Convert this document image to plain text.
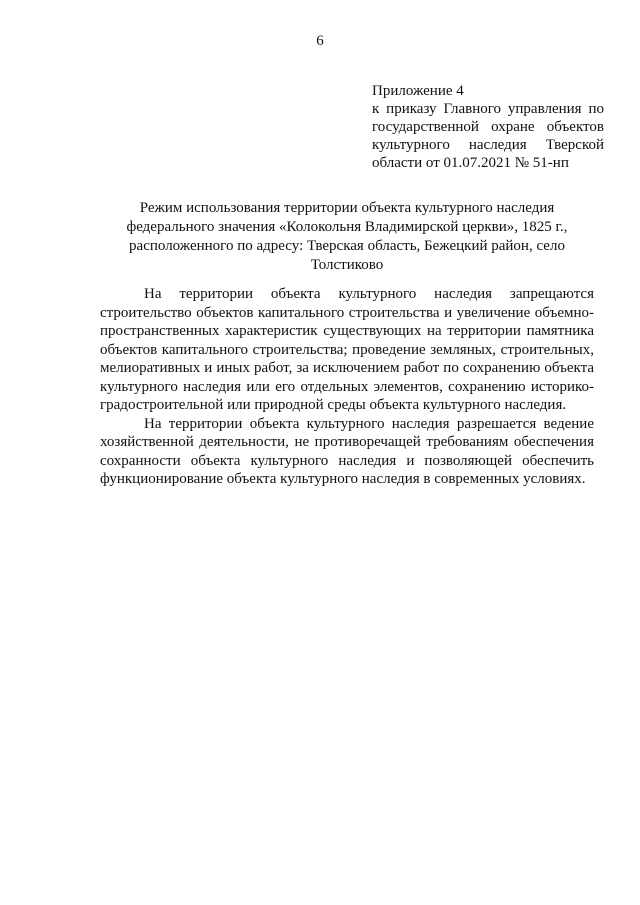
6
Приложение 4
к приказу Главного управления по
государственной охране объектов
культурного наследия Тверской
области от 01.07.2021 № 51-нп
Режим использования территории объекта культурного наследия
федерального значения «Колокольня Владимирской церкви», 1825 г.,
расположенного по адресу: Тверская область, Бежецкий район, село
Толстиково
На территории объекта культурного наследия запрещаются
строительство объектов капитального строительства и увеличение объемно-
пространственных характеристик существующих на территории памятника
объектов капитального строительства; проведение земляных, строительных,
мелиоративных и иных работ, за исключением работ по сохранению объекта
культурного наследия или его отдельных элементов, сохранению историко-
градостроительной или природной среды объекта культурного наследия.
На территории объекта культурного наследия разрешается ведение
хозяйственной деятельности, не противоречащей требованиям обеспечения
сохранности объекта культурного наследия и позволяющей обеспечить
функционирование объекта культурного наследия в современных условиях.
